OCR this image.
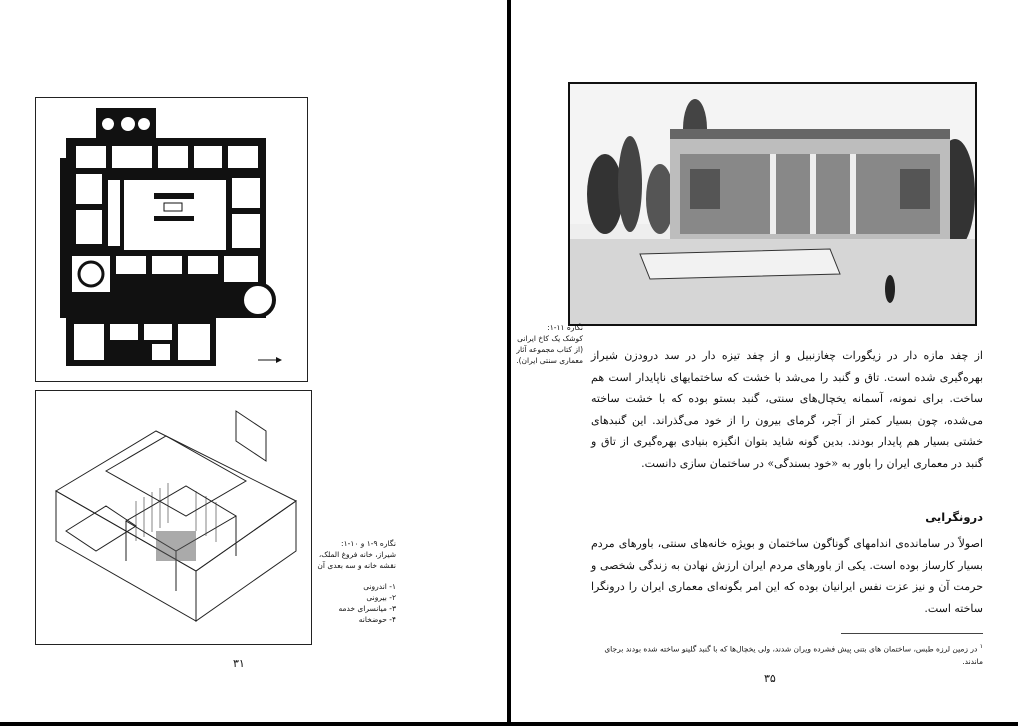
نگاره ۹-۱ و ۱۰-۱:
شیراز، خانه فروغ الملک، نقشه خانه و سه بعدی آن
۱- اندرونی
۲- بیرونی
۳- میانسرای خدمه
۴- حوضخانه
۳۱
نگاره ۱۱-۱:
کوشک یک کاخ ایرانی (از کتاب مجموعه آثار معماری سنتی ایران). از چفد مازه دار در زیگورات چغازنبیل و از چفد تیزه دار در سد درودزن شیراز بهره‌گیری شده است. تاق و گنبد را می‌شد با خشت که ساختمایهای ناپایدار است هم ساخت. برای نمونه، آسمانه یخچال‌های سنتی، گنبد بستو بوده که با خشت ساخته می‌شده، چون بسیار کمتر از آجر، گرمای بیرون را از خود می‌گذراند. این گنبدهای خشتی بسیار هم پایدار بودند. بدین گونه شاید بتوان انگیزه بنیادی بهره‌گیری از تاق و گنبد در معماری ایران را باور به «خود بسندگی» در ساختمان سازی دانست.

درونگرایی

اصولاً در سامانده‌ی اندامهای گوناگون ساختمان و بویژه خانه‌های سنتی، باورهای مردم بسیار کارساز بوده است. یکی از باورهای مردم ایران ارزش نهادن به زندگی شخصی و حرمت آن و نیز عزت نفس ایرانیان بوده که این امر بگونه‌ای معماری ایران را درونگرا ساخته است.

$^۱$ در زمین لرزه طبس، ساختمان های بتنی پیش فشرده ویران شدند، ولی یخچال‌ها که با گنبد گلینو ساخته شده بودند برجای ماندند.
۳۵
